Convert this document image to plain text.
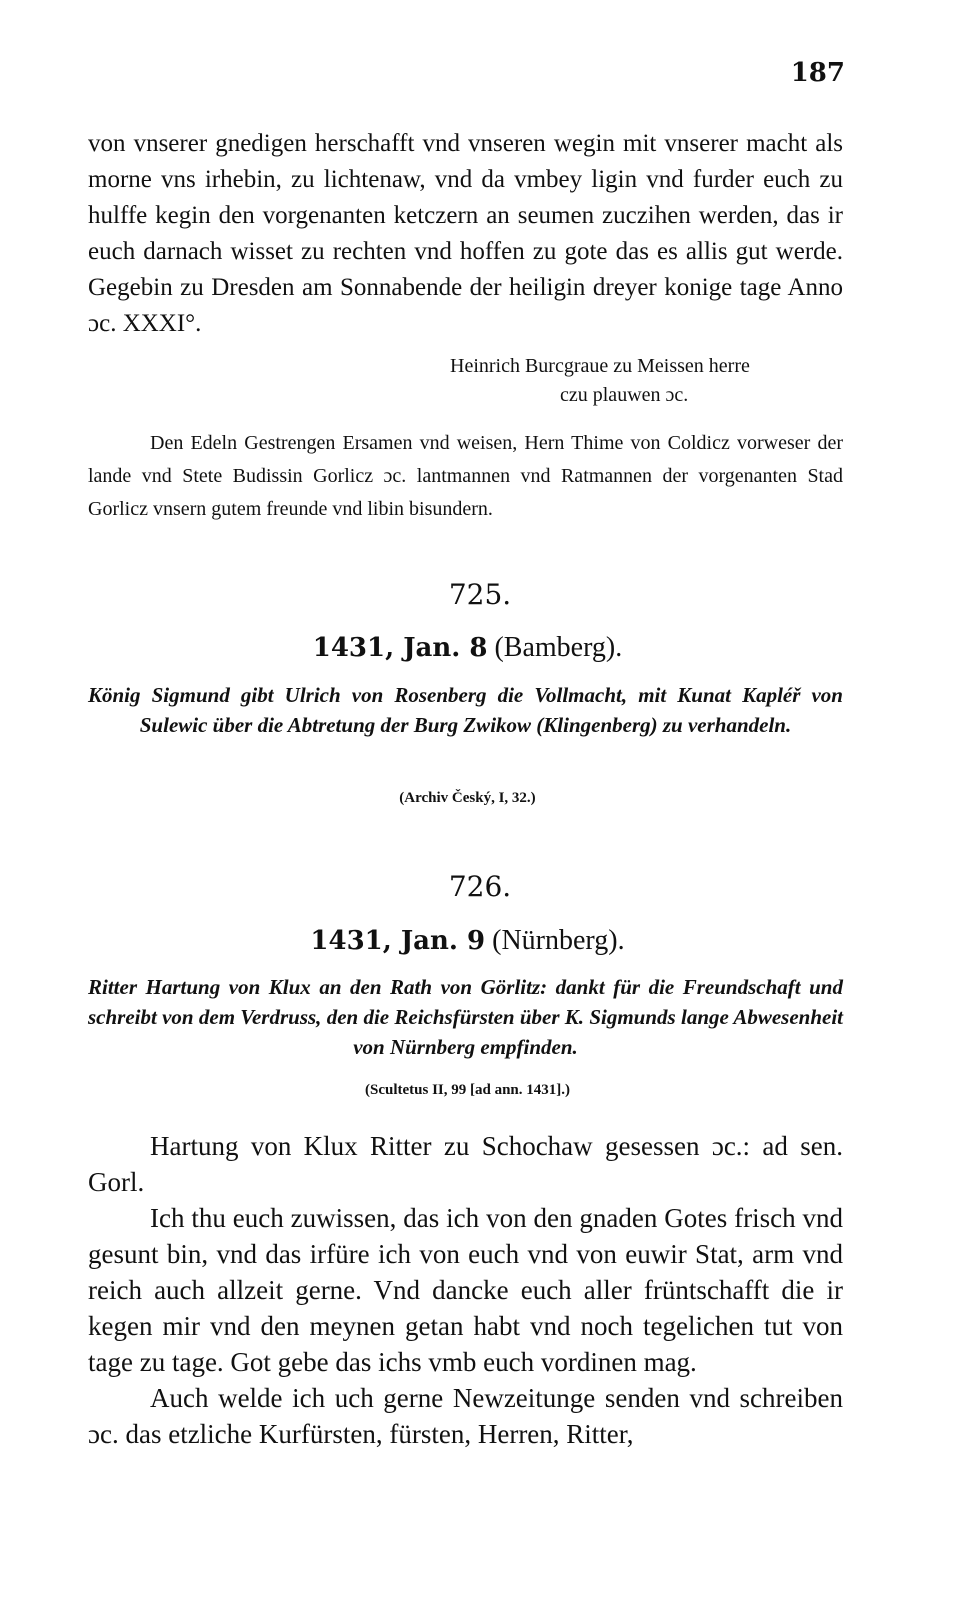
187
von vnserer gnedigen herschafft vnd vnseren wegin mit vnserer macht als morne vns irhebin, zu lichtenaw, vnd da vmbey ligin vnd furder euch zu hulffe kegin den vorgenanten ketczern an seumen zuczihen werden, das ir euch darnach wisset zu rechten vnd hoffen zu gote das es allis gut werde. Gegebin zu Dresden am Sonnabende der heiligin dreyer konige tage Anno ɔc. XXXI°.
Heinrich Burcgraue zu Meissen herre
czu plauwen ɔc.
Den Edeln Gestrengen Ersamen vnd weisen, Hern Thime von Coldicz vorweser der lande vnd Stete Budissin Gorlicz ɔc. lantmannen vnd Ratmannen der vorgenanten Stad Gorlicz vnsern gutem freunde vnd libin bisundern.
725.
1431, Jan. 8 (Bamberg).
König Sigmund gibt Ulrich von Rosenberg die Vollmacht, mit Kunat Kapléř von Sulewic über die Abtretung der Burg Zwikow (Klingenberg) zu verhandeln.
(Archiv Český, I, 32.)
726.
1431, Jan. 9 (Nürnberg).
Ritter Hartung von Klux an den Rath von Görlitz: dankt für die Freundschaft und schreibt von dem Verdruss, den die Reichsfürsten über K. Sigmunds lange Abwesenheit von Nürnberg empfinden.
(Scultetus II, 99 [ad ann. 1431].)

Hartung von Klux Ritter zu Schochaw gesessen ɔc.: ad sen. Gorl.

Ich thu euch zuwissen, das ich von den gnaden Gotes frisch vnd gesunt bin, vnd das irfüre ich von euch vnd von euwir Stat, arm vnd reich auch allzeit gerne. Vnd dancke euch aller früntschafft die ir kegen mir vnd den meynen getan habt vnd noch tegelichen tut von tage zu tage. Got gebe das ichs vmb euch vordinen mag.

Auch welde ich uch gerne Newzeitunge senden vnd schreiben ɔc. das etzliche Kurfürsten, fürsten, Herren, Ritter,
